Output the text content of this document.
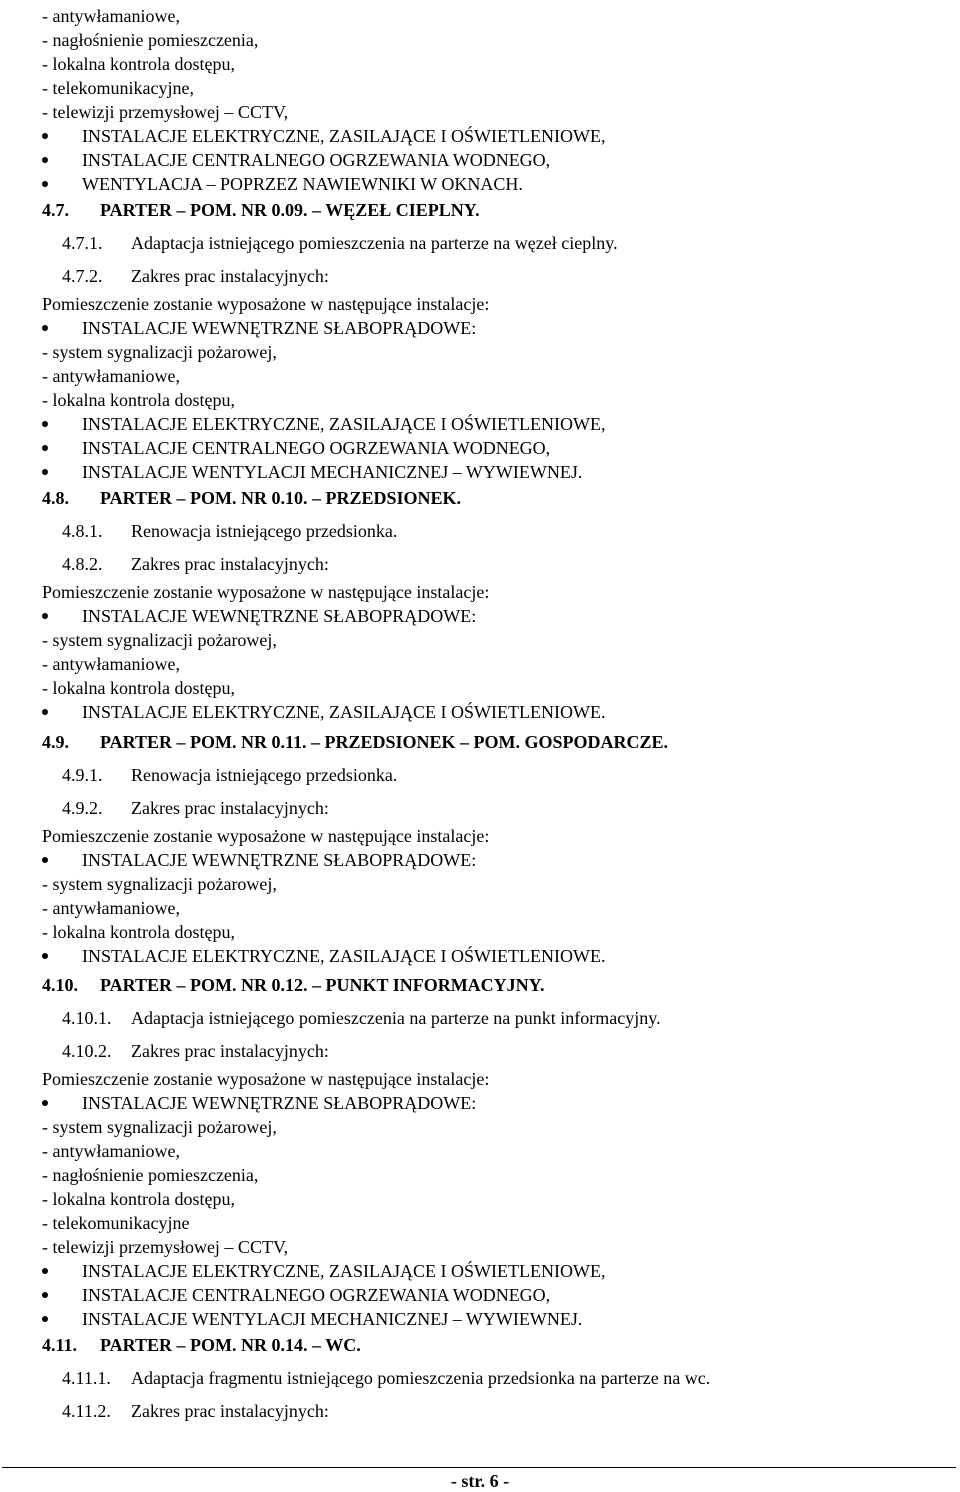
- antywłamaniowe,
- nagłośnienie pomieszczenia,
- lokalna kontrola dostępu,
- telekomunikacyjne,
- telewizji przemysłowej – CCTV,
INSTALACJE ELEKTRYCZNE, ZASILAJĄCE I OŚWIETLENIOWE,
INSTALACJE CENTRALNEGO OGRZEWANIA WODNEGO,
WENTYLACJA – POPRZEZ NAWIEWNIKI W OKNACH.
4.7. PARTER – POM. NR 0.09. – WĘZEŁ CIEPLNY.
4.7.1. Adaptacja istniejącego pomieszczenia na parterze na węzeł cieplny.
4.7.2. Zakres prac instalacyjnych:
Pomieszczenie zostanie wyposażone w następujące instalacje:
INSTALACJE WEWNĘTRZNE SŁABOPRĄDOWE:
- system sygnalizacji pożarowej,
- antywłamaniowe,
- lokalna kontrola dostępu,
INSTALACJE ELEKTRYCZNE, ZASILAJĄCE I OŚWIETLENIOWE,
INSTALACJE CENTRALNEGO OGRZEWANIA WODNEGO,
INSTALACJE WENTYLACJI MECHANICZNEJ – WYWIEWNEJ.
4.8. PARTER – POM. NR 0.10. – PRZEDSIONEK.
4.8.1. Renowacja istniejącego przedsionka.
4.8.2. Zakres prac instalacyjnych:
Pomieszczenie zostanie wyposażone w następujące instalacje:
INSTALACJE WEWNĘTRZNE SŁABOPRĄDOWE:
- system sygnalizacji pożarowej,
- antywłamaniowe,
- lokalna kontrola dostępu,
INSTALACJE ELEKTRYCZNE, ZASILAJĄCE I OŚWIETLENIOWE.
4.9. PARTER – POM. NR 0.11. – PRZEDSIONEK – POM. GOSPODARCZE.
4.9.1. Renowacja istniejącego przedsionka.
4.9.2. Zakres prac instalacyjnych:
Pomieszczenie zostanie wyposażone w następujące instalacje:
INSTALACJE WEWNĘTRZNE SŁABOPRĄDOWE:
- system sygnalizacji pożarowej,
- antywłamaniowe,
- lokalna kontrola dostępu,
INSTALACJE ELEKTRYCZNE, ZASILAJĄCE I OŚWIETLENIOWE.
4.10. PARTER – POM. NR 0.12. – PUNKT INFORMACYJNY.
4.10.1. Adaptacja istniejącego pomieszczenia na parterze na punkt informacyjny.
4.10.2. Zakres prac instalacyjnych:
Pomieszczenie zostanie wyposażone w następujące instalacje:
INSTALACJE WEWNĘTRZNE SŁABOPRĄDOWE:
- system sygnalizacji pożarowej,
- antywłamaniowe,
- nagłośnienie pomieszczenia,
- lokalna kontrola dostępu,
- telekomunikacyjne
- telewizji przemysłowej – CCTV,
INSTALACJE ELEKTRYCZNE, ZASILAJĄCE I OŚWIETLENIOWE,
INSTALACJE CENTRALNEGO OGRZEWANIA WODNEGO,
INSTALACJE WENTYLACJI MECHANICZNEJ – WYWIEWNEJ.
4.11. PARTER – POM. NR 0.14. – WC.
4.11.1. Adaptacja fragmentu istniejącego pomieszczenia przedsionka na parterze na wc.
4.11.2. Zakres prac instalacyjnych:
- str. 6 -
